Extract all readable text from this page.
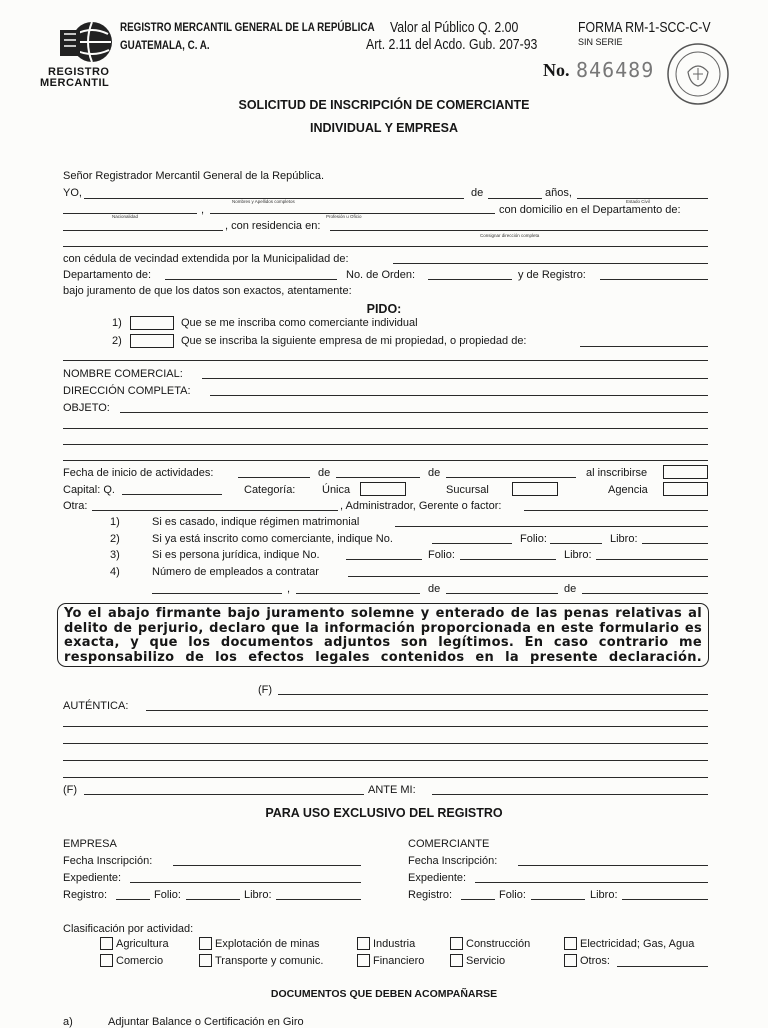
REGISTRO
MERCANTIL
REGISTRO MERCANTIL GENERAL DE LA REPÚBLICA
GUATEMALA, C. A.
Valor al Público Q. 2.00
Art. 2.11 del Acdo. Gub. 207-93
FORMA RM-1-SCC-C-V
SIN SERIE
No. 846489
SOLICITUD DE INSCRIPCIÓN DE COMERCIANTE
INDIVIDUAL Y EMPRESA
Señor Registrador Mercantil General de la República.
YO,	de	años,
Nombres y Apellidos completos	Estado Civil
,	con domicilio en el Departamento de:
Nacionalidad	Profesión u Oficio
, con residencia en:
Consignar dirección completa
con cédula de vecindad extendida por la Municipalidad de:
Departamento de:	No. de Orden:	y de Registro:
bajo juramento de que los datos son exactos, atentamente:
PIDO:
1)	Que se me inscriba como comerciante individual
2)	Que se inscriba la siguiente empresa de mi propiedad, o propiedad de:
NOMBRE COMERCIAL:
DIRECCIÓN COMPLETA:
OBJETO:
Fecha de inicio de actividades:	de	de	al inscribirse
Capital: Q.	Categoría: Única	Sucursal	Agencia
Otra:	, Administrador, Gerente o factor:
1)	Si es casado, indique régimen matrimonial
2)	Si ya está inscrito como comerciante, indique No.	Folio:	Libro:
3)	Si es persona jurídica, indique No.	Folio:	Libro:
4)	Número de empleados a contratar
,	de	de
Yo el abajo firmante bajo juramento solemne y enterado de las penas relativas al
delito de perjurio, declaro que la información proporcionada en este formulario es
exacta, y que los documentos adjuntos son legítimos. En caso contrario me
responsabilizo de los efectos legales contenidos en la presente declaración.
(F)
AUTÉNTICA:
(F)	ANTE MI:
PARA USO EXCLUSIVO DEL REGISTRO
EMPRESA
Fecha Inscripción:
Expediente:
Registro:	Folio:	Libro:
COMERCIANTE
Fecha Inscripción:
Expediente:
Registro:	Folio:	Libro:
Clasificación por actividad:
Agricultura	Explotación de minas	Industria	Construcción	Electricidad; Gas, Agua
Comercio	Transporte y comunic.	Financiero	Servicio	Otros:
DOCUMENTOS QUE DEBEN ACOMPAÑARSE
a)	Adjuntar Balance o Certificación en Giro
